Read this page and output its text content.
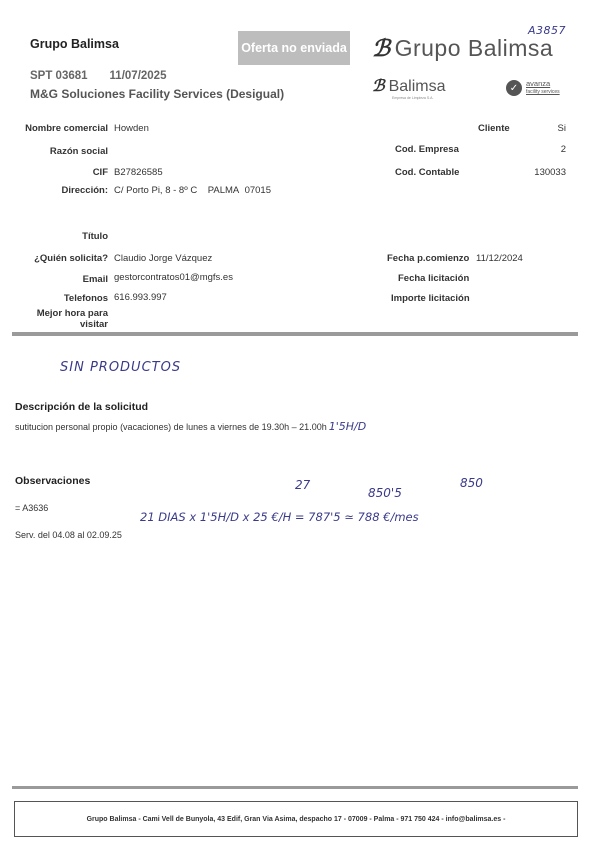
Grupo Balimsa	Oferta no enviada
SPT 03681 11/07/2025
M&G Soluciones Facility Services (Desigual)
A3857
ℬ Grupo Balimsa
ℬ Balimsa
Empresa de Limpieza S.A.
✓	avanza
facility services
Nombre comercial Howden
Razón social
CIF B27826585
Dirección: C/ Porto Pi, 8 - 8º C PALMA 07015
Cliente	Si
Cod. Empresa	2
Cod. Contable	130033
Título
¿Quién solicita? Claudio Jorge Vázquez
Email gestorcontratos01@mgfs.es
Telefonos 616.993.997
Mejor hora para
visitar
Fecha p.comienzo 11/12/2024
Fecha licitación
Importe licitación
SIN PRODUCTOS
Descripción de la solicitud
sutitucion personal propio (vacaciones) de lunes a viernes de 19.30h – 21.00h 1'5H/D
Observaciones
= A3636
Serv. del 04.08 al 02.09.25
27
850'5
850
21 DIAS x 1'5H/D x 25 €/H = 787'5 ≃ 788 €/mes
Grupo Balimsa - Cami Vell de Bunyola, 43 Edif, Gran Via Asima, despacho 17 - 07009 - Palma - 971 750 424 - info@balimsa.es -
